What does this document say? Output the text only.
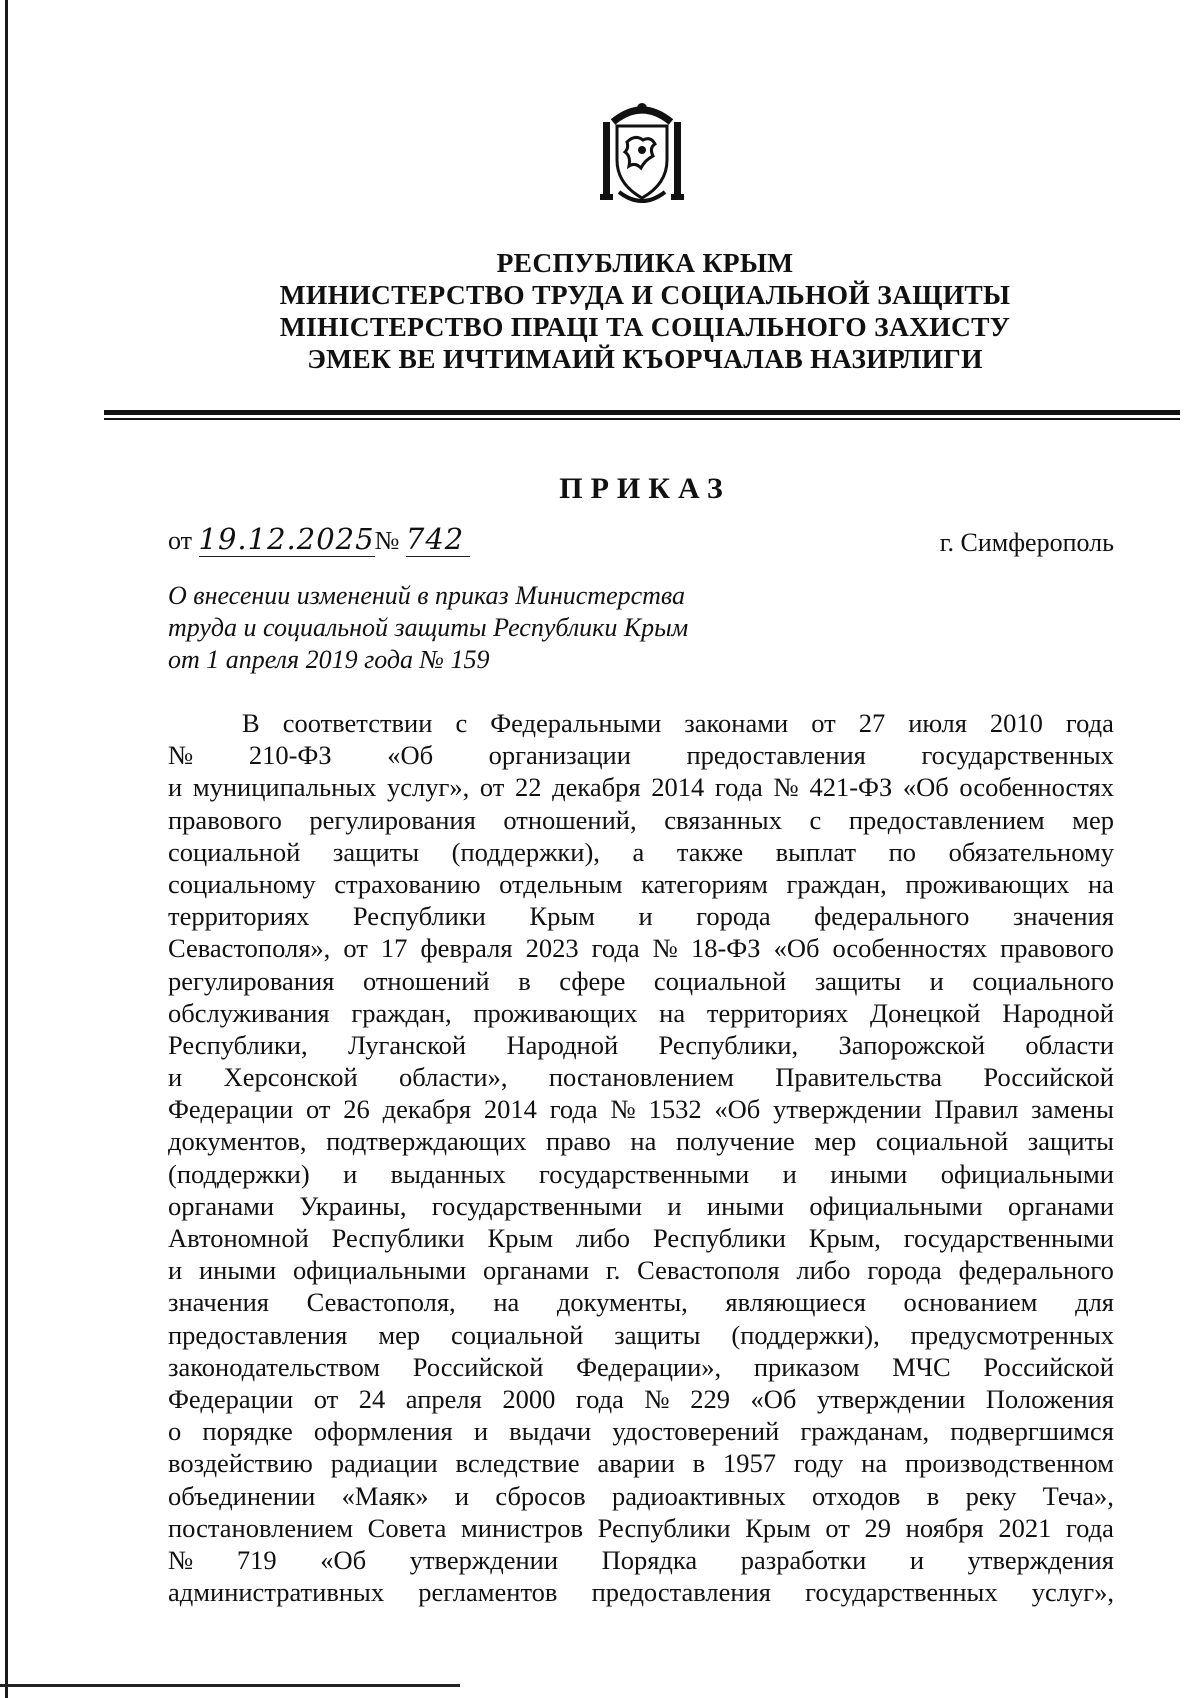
РЕСПУБЛИКА КРЫМ
МИНИСТЕРСТВО ТРУДА И СОЦИАЛЬНОЙ ЗАЩИТЫ
МІНІСТЕРСТВО ПРАЦІ ТА СОЦІАЛЬНОГО ЗАХИСТУ
ЭМЕК ВЕ ИЧТИМАИЙ КЪОРЧАЛАВ НАЗИРЛИГИ
ПРИКАЗ
от 19.12.2025№ 742	г. Симферополь
О внесении изменений в приказ Министерства
труда и социальной защиты Республики Крым
от 1 апреля 2019 года № 159
В соответствии с Федеральными законами от 27 июля 2010 года
№ 210-ФЗ «Об организации предоставления государственных
и муниципальных услуг», от 22 декабря 2014 года № 421-ФЗ «Об особенностях
правового регулирования отношений, связанных с предоставлением мер
социальной защиты (поддержки), а также выплат по обязательному
социальному страхованию отдельным категориям граждан, проживающих на
территориях Республики Крым и города федерального значения
Севастополя», от 17 февраля 2023 года № 18-ФЗ «Об особенностях правового
регулирования отношений в сфере социальной защиты и социального
обслуживания граждан, проживающих на территориях Донецкой Народной
Республики, Луганской Народной Республики, Запорожской области
и Херсонской области», постановлением Правительства Российской
Федерации от 26 декабря 2014 года № 1532 «Об утверждении Правил замены
документов, подтверждающих право на получение мер социальной защиты
(поддержки) и выданных государственными и иными официальными
органами Украины, государственными и иными официальными органами
Автономной Республики Крым либо Республики Крым, государственными
и иными официальными органами г. Севастополя либо города федерального
значения Севастополя, на документы, являющиеся основанием для
предоставления мер социальной защиты (поддержки), предусмотренных
законодательством Российской Федерации», приказом МЧС Российской
Федерации от 24 апреля 2000 года № 229 «Об утверждении Положения
о порядке оформления и выдачи удостоверений гражданам, подвергшимся
воздействию радиации вследствие аварии в 1957 году на производственном
объединении «Маяк» и сбросов радиоактивных отходов в реку Теча»,
постановлением Совета министров Республики Крым от 29 ноября 2021 года
№ 719 «Об утверждении Порядка разработки и утверждения
административных регламентов предоставления государственных услуг»,
